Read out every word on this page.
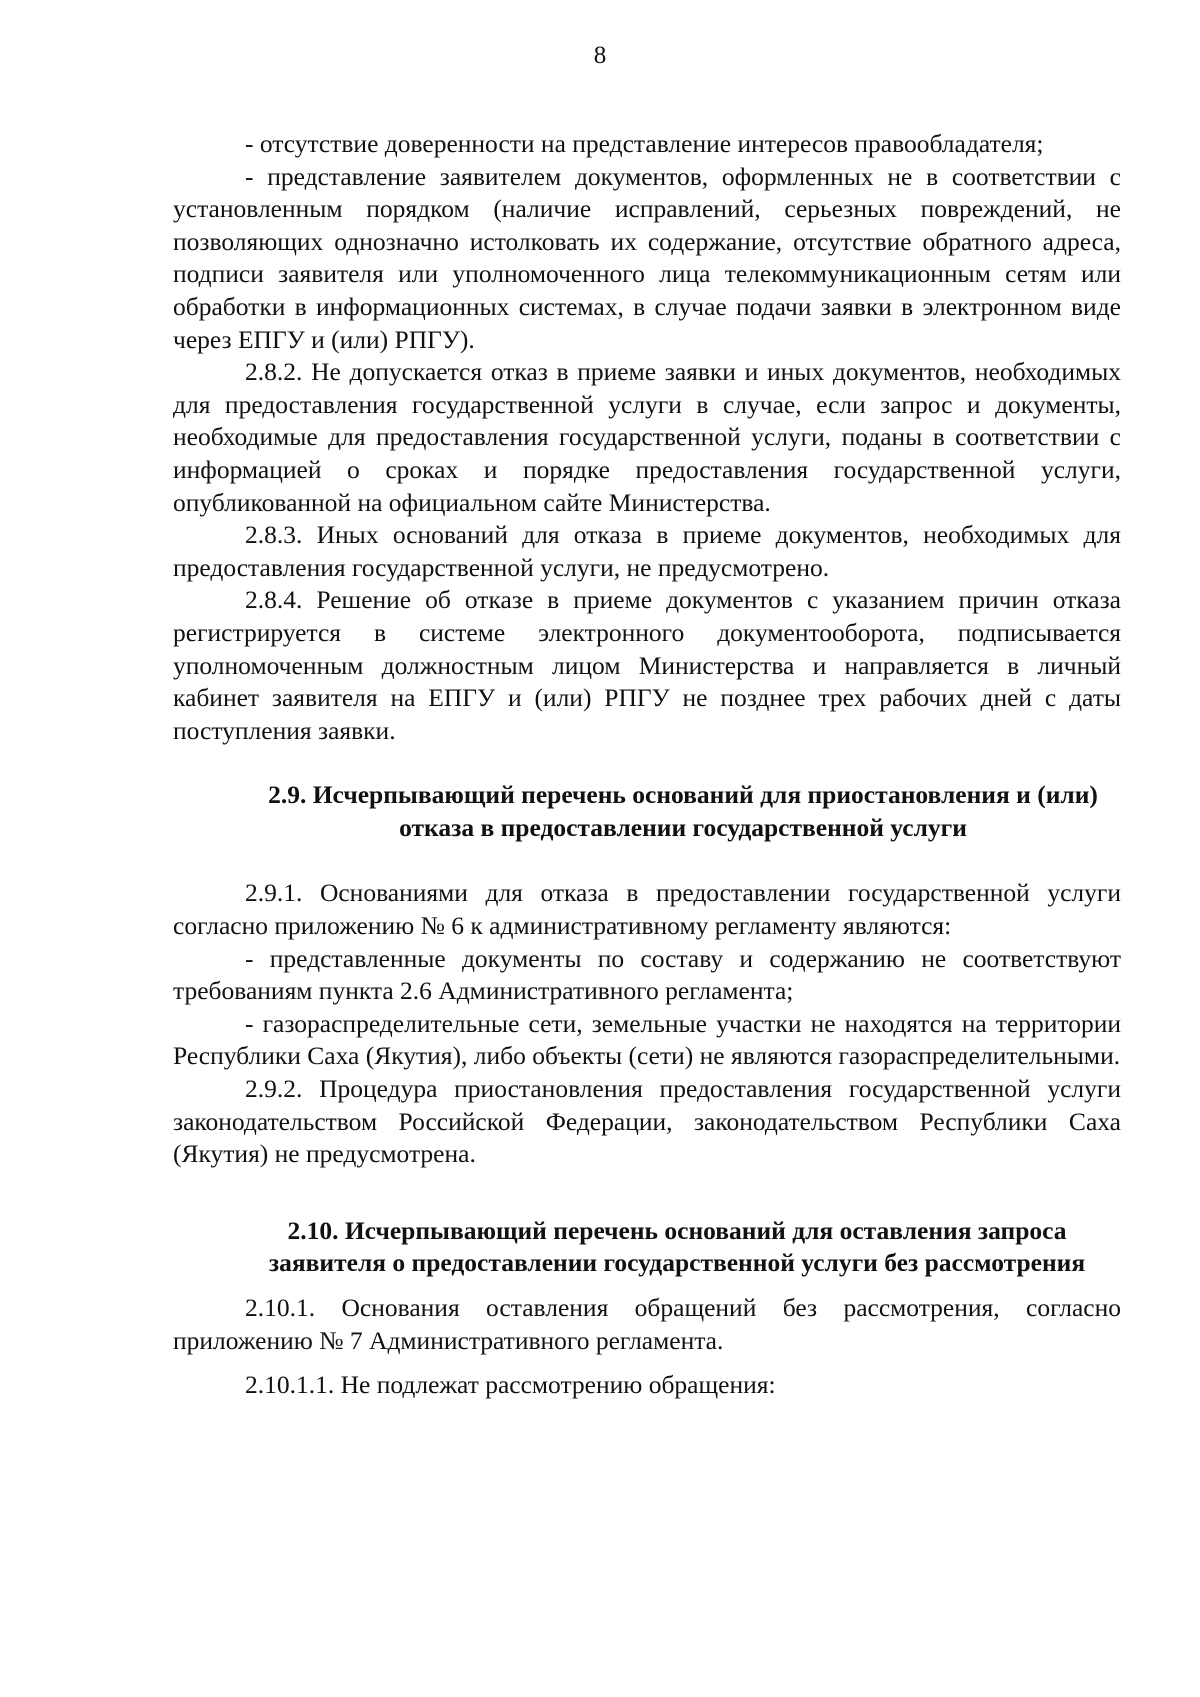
8

- отсутствие доверенности на представление интересов правообладателя;

- представление заявителем документов, оформленных не в соответствии с установленным порядком (наличие исправлений, серьезных повреждений, не позволяющих однозначно истолковать их содержание, отсутствие обратного адреса, подписи заявителя или уполномоченного лица телекоммуникационным сетям или обработки в информационных системах, в случае подачи заявки в электронном виде через ЕПГУ и (или) РПГУ).

2.8.2. Не допускается отказ в приеме заявки и иных документов, необходимых для предоставления государственной услуги в случае, если запрос и документы, необходимые для предоставления государственной услуги, поданы в соответствии с информацией о сроках и порядке предоставления государственной услуги, опубликованной на официальном сайте Министерства.

2.8.3. Иных оснований для отказа в приеме документов, необходимых для предоставления государственной услуги, не предусмотрено.

2.8.4. Решение об отказе в приеме документов с указанием причин отказа регистрируется в системе электронного документооборота, подписывается уполномоченным должностным лицом Министерства и направляется в личный кабинет заявителя на ЕПГУ и (или) РПГУ не позднее трех рабочих дней с даты поступления заявки.

2.9. Исчерпывающий перечень оснований для приостановления и (или) отказа в предоставлении государственной услуги

2.9.1. Основаниями для отказа в предоставлении государственной услуги согласно приложению № 6 к административному регламенту являются:

- представленные документы по составу и содержанию не соответствуют требованиям пункта 2.6 Административного регламента;

- газораспределительные сети, земельные участки не находятся на территории Республики Саха (Якутия), либо объекты (сети) не являются газораспределительными.

2.9.2. Процедура приостановления предоставления государственной услуги законодательством Российской Федерации, законодательством Республики Саха (Якутия) не предусмотрена.

2.10. Исчерпывающий перечень оснований для оставления запроса заявителя о предоставлении государственной услуги без рассмотрения

2.10.1. Основания оставления обращений без рассмотрения, согласно приложению № 7 Административного регламента.

2.10.1.1. Не подлежат рассмотрению обращения:
